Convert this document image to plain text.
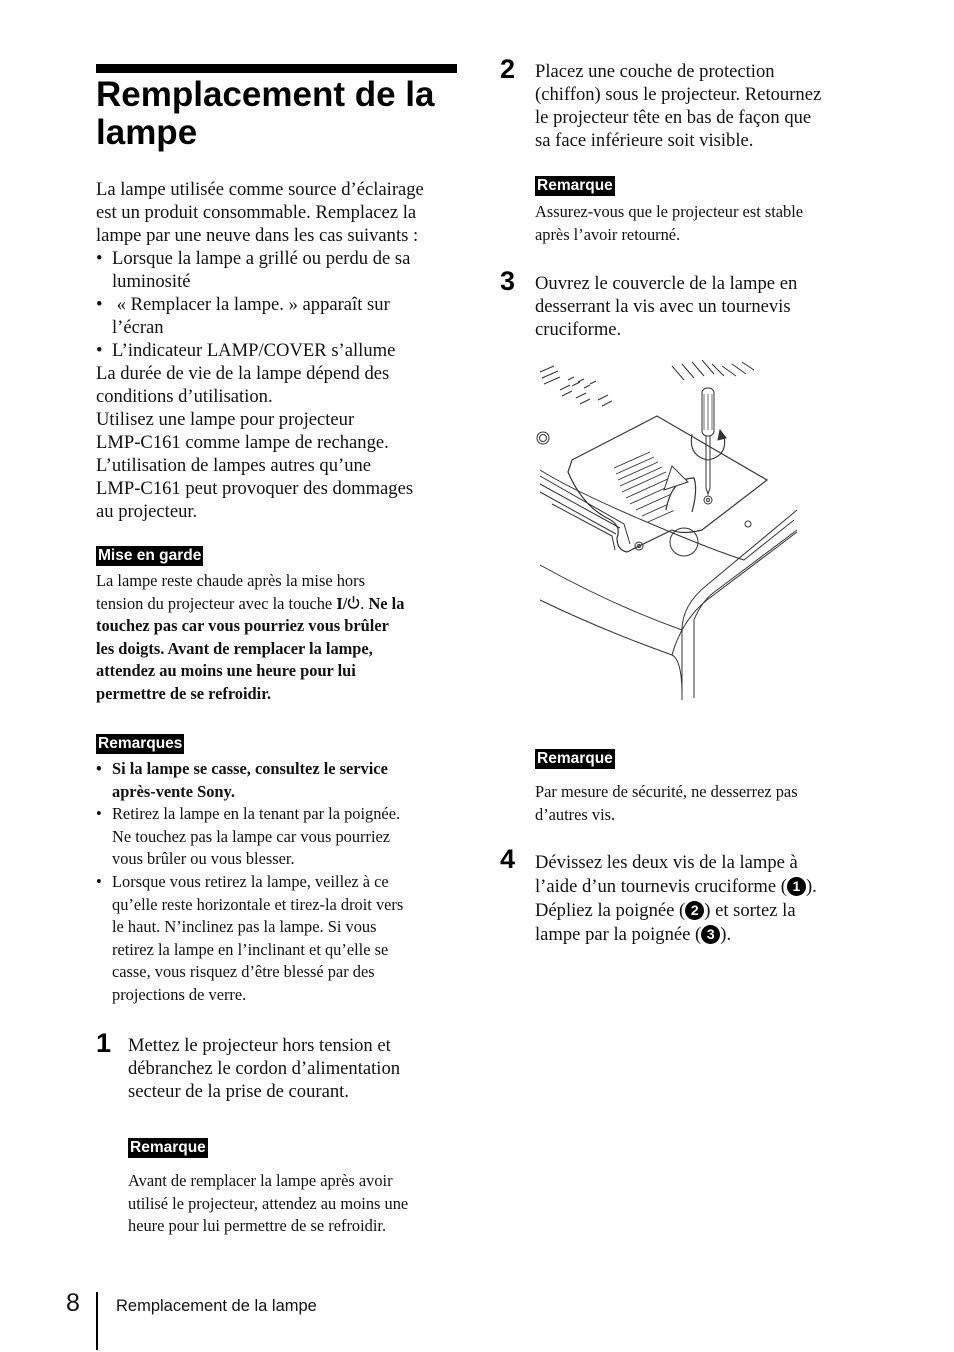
Remplacement de la
lampe
La lampe utilisée comme source d’éclairage
est un produit consommable. Remplacez la
lampe par une neuve dans les cas suivants :
• Lorsque la lampe a grillé ou perdu de sa
luminosité
•  « Remplacer la lampe. » apparaît sur
l’écran
• L’indicateur LAMP/COVER s’allume
La durée de vie de la lampe dépend des
conditions d’utilisation.
Utilisez une lampe pour projecteur
LMP-C161 comme lampe de rechange.
L’utilisation de lampes autres qu’une
LMP-C161 peut provoquer des dommages
au projecteur.
Mise en garde
La lampe reste chaude après la mise hors
tension du projecteur avec la touche I/ . Ne la
touchez pas car vous pourriez vous brûler
les doigts. Avant de remplacer la lampe,
attendez au moins une heure pour lui
permettre de se refroidir.
Remarques
• Si la lampe se casse, consultez le service
après-vente Sony.
• Retirez la lampe en la tenant par la poignée.
Ne touchez pas la lampe car vous pourriez
vous brûler ou vous blesser.
• Lorsque vous retirez la lampe, veillez à ce
qu’elle reste horizontale et tirez-la droit vers
le haut. N’inclinez pas la lampe. Si vous
retirez la lampe en l’inclinant et qu’elle se
casse, vous risquez d’être blessé par des
projections de verre.
1 Mettez le projecteur hors tension et
débranchez le cordon d’alimentation
secteur de la prise de courant.
Remarque
Avant de remplacer la lampe après avoir
utilisé le projecteur, attendez au moins une
heure pour lui permettre de se refroidir.
2 Placez une couche de protection
(chiffon) sous le projecteur. Retournez
le projecteur tête en bas de façon que
sa face inférieure soit visible.
Remarque
Assurez-vous que le projecteur est stable
après l’avoir retourné.
3 Ouvrez le couvercle de la lampe en
desserrant la vis avec un tournevis
cruciforme.
Remarque
Par mesure de sécurité, ne desserrez pas
d’autres vis.
4 Dévissez les deux vis de la lampe à
l’aide d’un tournevis cruciforme ( 1 ).
Dépliez la poignée ( 2 ) et sortez la
lampe par la poignée ( 3 ).
8 Remplacement de la lampe
